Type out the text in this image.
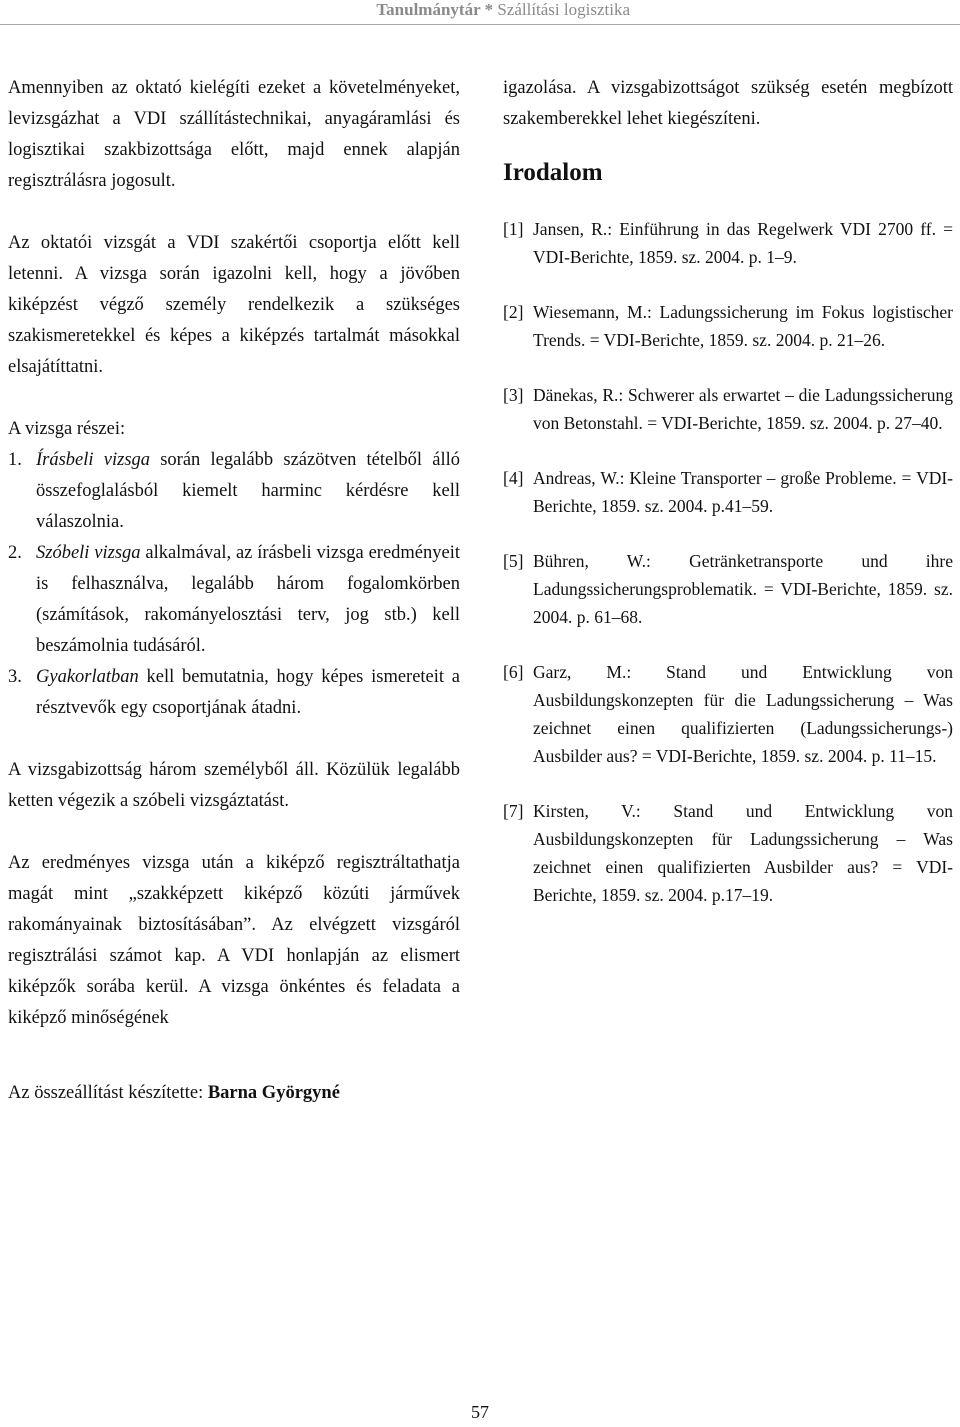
Tanulmánytár * Szállítási logisztika

Amennyiben az oktató kielégíti ezeket a követelményeket, levizsgázhat a VDI szállítástechnikai, anyagáramlási és logisztikai szakbizottsága előtt, majd ennek alapján regisztrálásra jogosult.

Az oktatói vizsgát a VDI szakértői csoportja előtt kell letenni. A vizsga során igazolni kell, hogy a jövőben kiképzést végző személy rendelkezik a szükséges szakismeretekkel és képes a kiképzés tartalmát másokkal elsajátíttatni.

A vizsga részei:

1. Írásbeli vizsga során legalább százötven tételből álló összefoglalásból kiemelt harminc kérdésre kell válaszolnia.
2. Szóbeli vizsga alkalmával, az írásbeli vizsga eredményeit is felhasználva, legalább három fogalomkörben (számítások, rakományelosztási terv, jog stb.) kell beszámolnia tudásáról.
3. Gyakorlatban kell bemutatnia, hogy képes ismereteit a résztvevők egy csoportjának átadni.

A vizsgabizottság három személyből áll. Közülük legalább ketten végezik a szóbeli vizsgáztatást.

Az eredményes vizsga után a kiképző regisztráltathatja magát mint „szakképzett kiképző közúti járművek rakományainak biztosításában”. Az elvégzett vizsgáról regisztrálási számot kap. A VDI honlapján az elismert kiképzők sorába kerül. A vizsga önkéntes és feladata a kiképző minőségének

igazolása. A vizsgabizottságot szükség esetén megbízott szakemberekkel lehet kiegészíteni.

Irodalom
[1] Jansen, R.: Einführung in das Regelwerk VDI 2700 ff. = VDI-Berichte, 1859. sz. 2004. p. 1–9.
[2] Wiesemann, M.: Ladungssicherung im Fokus logistischer Trends. = VDI-Berichte, 1859. sz. 2004. p. 21–26.
[3] Dänekas, R.: Schwerer als erwartet – die Ladungssicherung von Betonstahl. = VDI-Berichte, 1859. sz. 2004. p. 27–40.
[4] Andreas, W.: Kleine Transporter – große Probleme. = VDI-Berichte, 1859. sz. 2004. p.41–59.
[5] Bühren, W.: Getränketransporte und ihre Ladungssicherungsproblematik. = VDI-Berichte, 1859. sz. 2004. p. 61–68.
[6] Garz, M.: Stand und Entwicklung von Ausbildungskonzepten für die Ladungssicherung – Was zeichnet einen qualifizierten (Ladungssicherungs-) Ausbilder aus? = VDI-Berichte, 1859. sz. 2004. p. 11–15.
[7] Kirsten, V.: Stand und Entwicklung von Ausbildungskonzepten für Ladungssicherung – Was zeichnet einen qualifizierten Ausbilder aus? = VDI-Berichte, 1859. sz. 2004. p.17–19.
Az összeállítást készítette: Barna Györgyné
57
